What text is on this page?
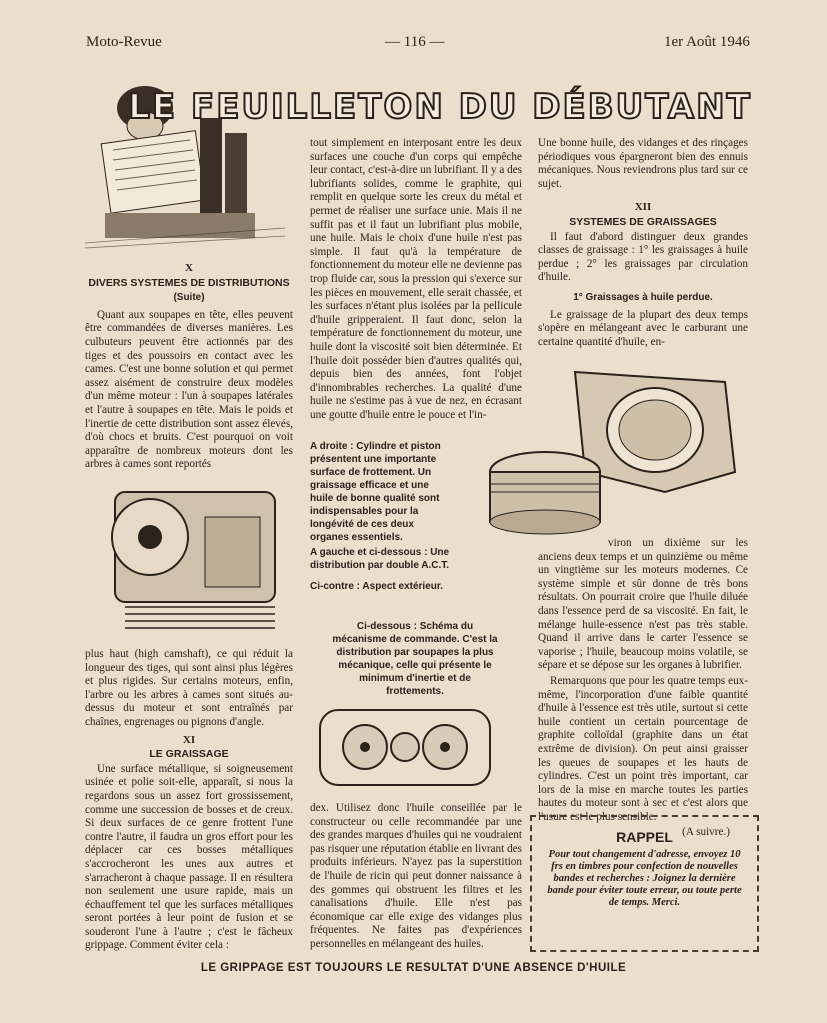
Moto-Revue	— 116 —	1er Août 1946
LE FEUILLETON DU DÉBUTANT
X
DIVERS SYSTEMES DE DISTRIBUTIONS
(Suite)

Quant aux soupapes en tête, elles peuvent être commandées de diverses manières. Les culbuteurs peuvent être actionnés par des tiges et des poussoirs en contact avec les cames. C'est une bonne solution et qui permet assez aisément de construire deux modèles d'un même moteur : l'un à soupapes latérales et l'autre à soupapes en tête. Mais le poids et l'inertie de cette distribution sont assez élevés, d'où chocs et bruits. C'est pourquoi on voit apparaître de nombreux moteurs dont les arbres à cames sont reportés

plus haut (high camshaft), ce qui réduit la longueur des tiges, qui sont ainsi plus légères et plus rigides. Sur certains moteurs, enfin, l'arbre ou les arbres à cames sont situés au-dessus du moteur et sont entraînés par chaînes, engrenages ou pignons d'angle.

XI
LE GRAISSAGE

Une surface métallique, si soigneusement usinée et polie soit-elle, apparaît, si nous la regardons sous un assez fort grossissement, comme une succession de bosses et de creux. Si deux surfaces de ce genre frottent l'une contre l'autre, il faudra un gros effort pour les déplacer car ces bosses métalliques s'accrocheront les unes aux autres et s'arracheront à chaque passage. Il en résultera non seulement une usure rapide, mais un échauffement tel que les surfaces métalliques seront portées à leur point de fusion et se souderont l'une à l'autre ; c'est le fâcheux grippage. Comment éviter cela :

tout simplement en interposant entre les deux surfaces une couche d'un corps qui empêche leur contact, c'est-à-dire un lubrifiant. Il y a des lubrifiants solides, comme le graphite, qui remplit en quelque sorte les creux du métal et permet de réaliser une surface unie. Mais il ne suffit pas et il faut un lubrifiant plus mobile, une huile. Mais le choix d'une huile n'est pas simple. Il faut qu'à la température de fonctionnement du moteur elle ne devienne pas trop fluide car, sous la pression qui s'exerce sur les pièces en mouvement, elle serait chassée, et les surfaces n'étant plus isolées par la pellicule d'huile gripperaient. Il faut donc, selon la température de fonctionnement du moteur, une huile dont la viscosité soit bien déterminée. Et l'huile doit posséder bien d'autres qualités qui, depuis bien des années, font l'objet d'innombrables recherches. La qualité d'une huile ne s'estime pas à vue de nez, en écrasant une goutte d'huile entre le pouce et l'in-

A droite : Cylindre et piston présentent une importante surface de frottement. Un graissage efficace et une huile de bonne qualité sont indispensables pour la longévité de ces deux organes essentiels.

A gauche et ci-dessous : Une distribution par double A.C.T.

Ci-contre : Aspect extérieur.

Ci-dessous : Schéma du mécanisme de commande. C'est la distribution par soupapes la plus mécanique, celle qui présente le minimum d'inertie et de frottements.

dex. Utilisez donc l'huile conseillée par le constructeur ou celle recommandée par une des grandes marques d'huiles qui ne voudraient pas risquer une réputation établie en livrant des produits inférieurs. N'ayez pas la superstition de l'huile de ricin qui peut donner naissance à des gommes qui obstruent les filtres et les canalisations d'huile. Elle n'est pas économique car elle exige des vidanges plus fréquentes. Ne faites pas d'expériences personnelles en mélangeant des huiles.

Une bonne huile, des vidanges et des rinçages périodiques vous épargneront bien des ennuis mécaniques. Nous reviendrons plus tard sur ce sujet.

XII
SYSTEMES DE GRAISSAGES

Il faut d'abord distinguer deux grandes classes de graissage : 1° les graissages à huile perdue ; 2° les graissages par circulation d'huile.

1° Graissages à huile perdue.

Le graissage de la plupart des deux temps s'opère en mélangeant avec le carburant une certaine quantité d'huile, en-

viron un dixième sur les anciens deux temps et un quinzième ou même un vingtième sur les moteurs modernes. Ce système simple et sûr donne de très bons résultats. On pourrait croire que l'huile diluée dans l'essence perd de sa viscosité. En fait, le mélange huile-essence n'est pas très stable. Quand il arrive dans le carter l'essence se vaporise ; l'huile, beaucoup moins volatile, se sépare et se dépose sur les organes à lubrifier.

Remarquons que pour les quatre temps eux-même, l'incorporation d'une faible quantité d'huile à l'essence est très utile, surtout si cette huile contient un certain pourcentage de graphite colloïdal (graphite dans un état extrême de division). On peut ainsi graisser les queues de soupapes et les hauts de cylindres. C'est un point très important, car lors de la mise en marche toutes les parties hautes du moteur sont à sec et c'est alors que l'usure est le plus sensible.

(A suivre.)
RAPPEL
Pour tout changement d'adresse, envoyez 10 frs en timbres pour confection de nouvelles bandes et recherches : Joignez la dernière bande pour éviter toute erreur, ou toute perte de temps. Merci.
LE GRIPPAGE EST TOUJOURS LE RESULTAT D'UNE ABSENCE D'HUILE
